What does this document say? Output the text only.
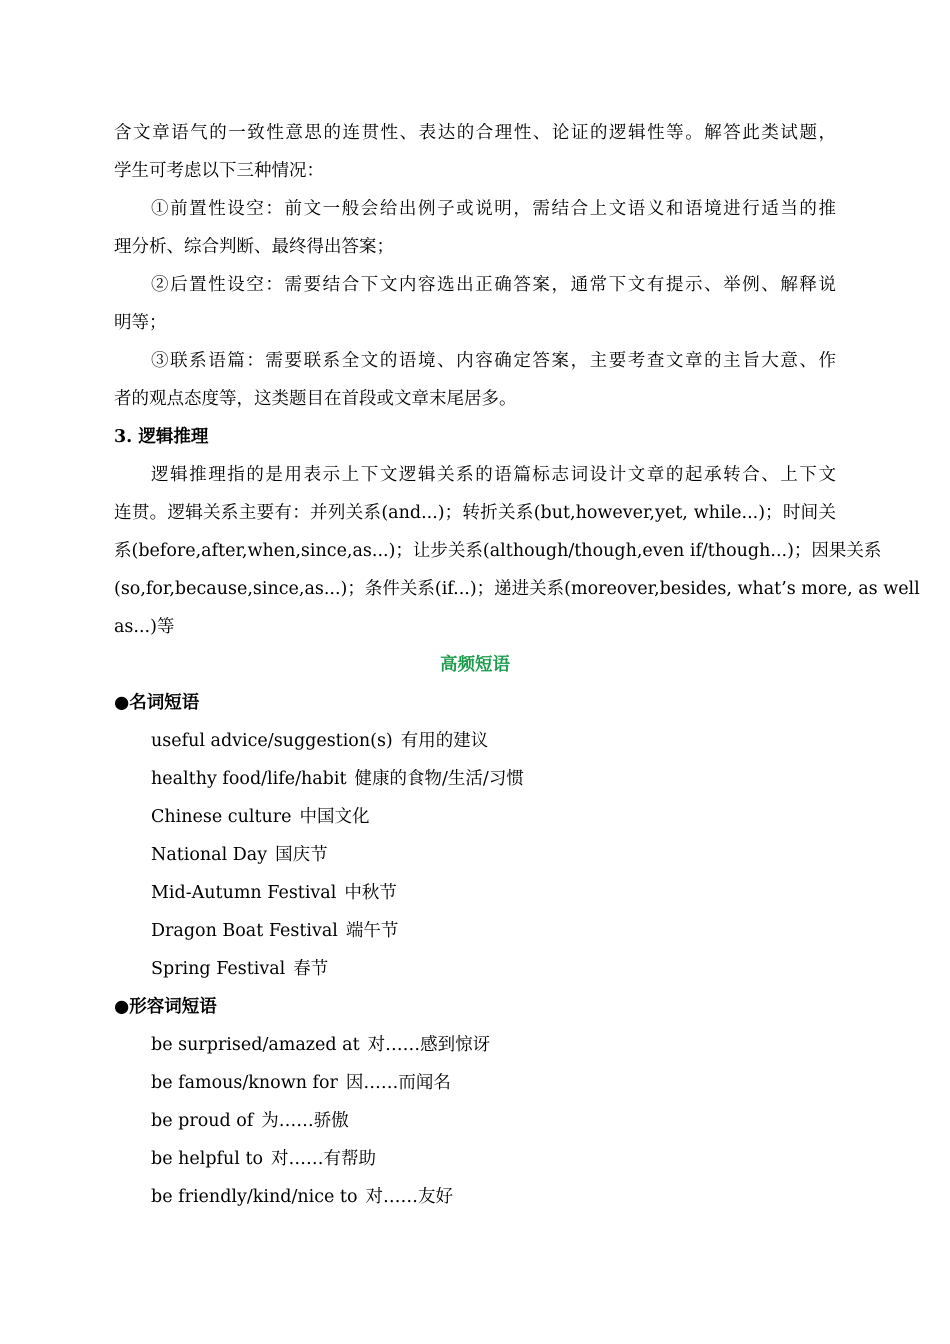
含文章语气的一致性意思的连贯性、表达的合理性、论证的逻辑性等。解答此类试题，
学生可考虑以下三种情况：
①前置性设空：前文一般会给出例子或说明，需结合上文语义和语境进行适当的推
理分析、综合判断、最终得出答案；
②后置性设空：需要结合下文内容选出正确答案，通常下文有提示、举例、解释说
明等；
③联系语篇：需要联系全文的语境、内容确定答案，主要考查文章的主旨大意、作
者的观点态度等，这类题目在首段或文章末尾居多。
3. 逻辑推理
逻辑推理指的是用表示上下文逻辑关系的语篇标志词设计文章的起承转合、上下文
连贯。逻辑关系主要有：并列关系(and...)；转折关系(but,however,yet, while...)；时间关
系(before,after,when,since,as...)；让步关系(although/though,even if/though...)；因果关系
(so,for,because,since,as...)；条件关系(if...)；递进关系(moreover,besides, what’s more, as well
as...)等
高频短语
●名词短语
useful advice/suggestion(s) 有用的建议
healthy food/life/habit 健康的食物/生活/习惯
Chinese culture 中国文化
National Day 国庆节
Mid-Autumn Festival 中秋节
Dragon Boat Festival 端午节
Spring Festival 春节
●形容词短语
be surprised/amazed at 对……感到惊讶
be famous/known for 因……而闻名
be proud of 为……骄傲
be helpful to 对……有帮助
be friendly/kind/nice to 对……友好
